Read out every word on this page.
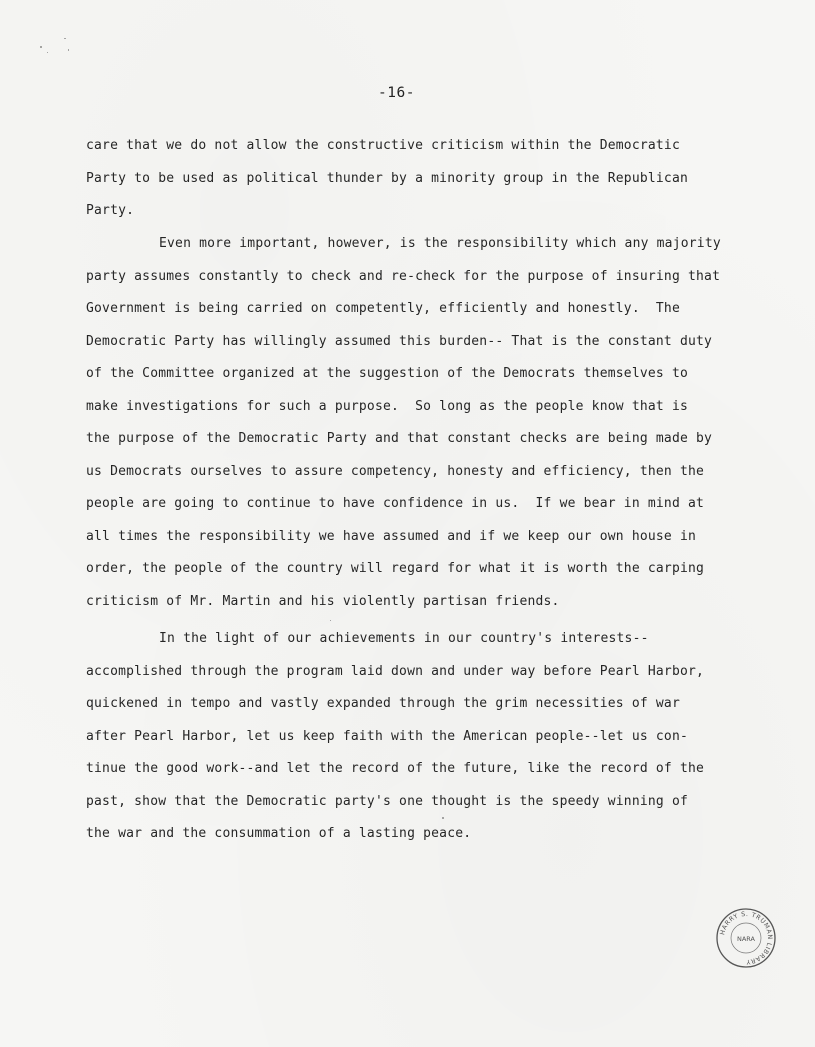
-16-
care that we do not allow the constructive criticism within the Democratic
Party to be used as political thunder by a minority group in the Republican
Party.
Even more important, however, is the responsibility which any majority
party assumes constantly to check and re-check for the purpose of insuring that
Government is being carried on competently, efficiently and honestly.  The
Democratic Party has willingly assumed this burden-- That is the constant duty
of the Committee organized at the suggestion of the Democrats themselves to
make investigations for such a purpose.  So long as the people know that is
the purpose of the Democratic Party and that constant checks are being made by
us Democrats ourselves to assure competency, honesty and efficiency, then the
people are going to continue to have confidence in us.  If we bear in mind at
all times the responsibility we have assumed and if we keep our own house in
order, the people of the country will regard for what it is worth the carping
criticism of Mr. Martin and his violently partisan friends.
In the light of our achievements in our country's interests--
accomplished through the program laid down and under way before Pearl Harbor,
quickened in tempo and vastly expanded through the grim necessities of war
after Pearl Harbor, let us keep faith with the American people--let us con-
tinue the good work--and let the record of the future, like the record of the
past, show that the Democratic party's one thought is the speedy winning of
the war and the consummation of a lasting peace.
HARRY S. TRUMAN LIBRARY
NARA
